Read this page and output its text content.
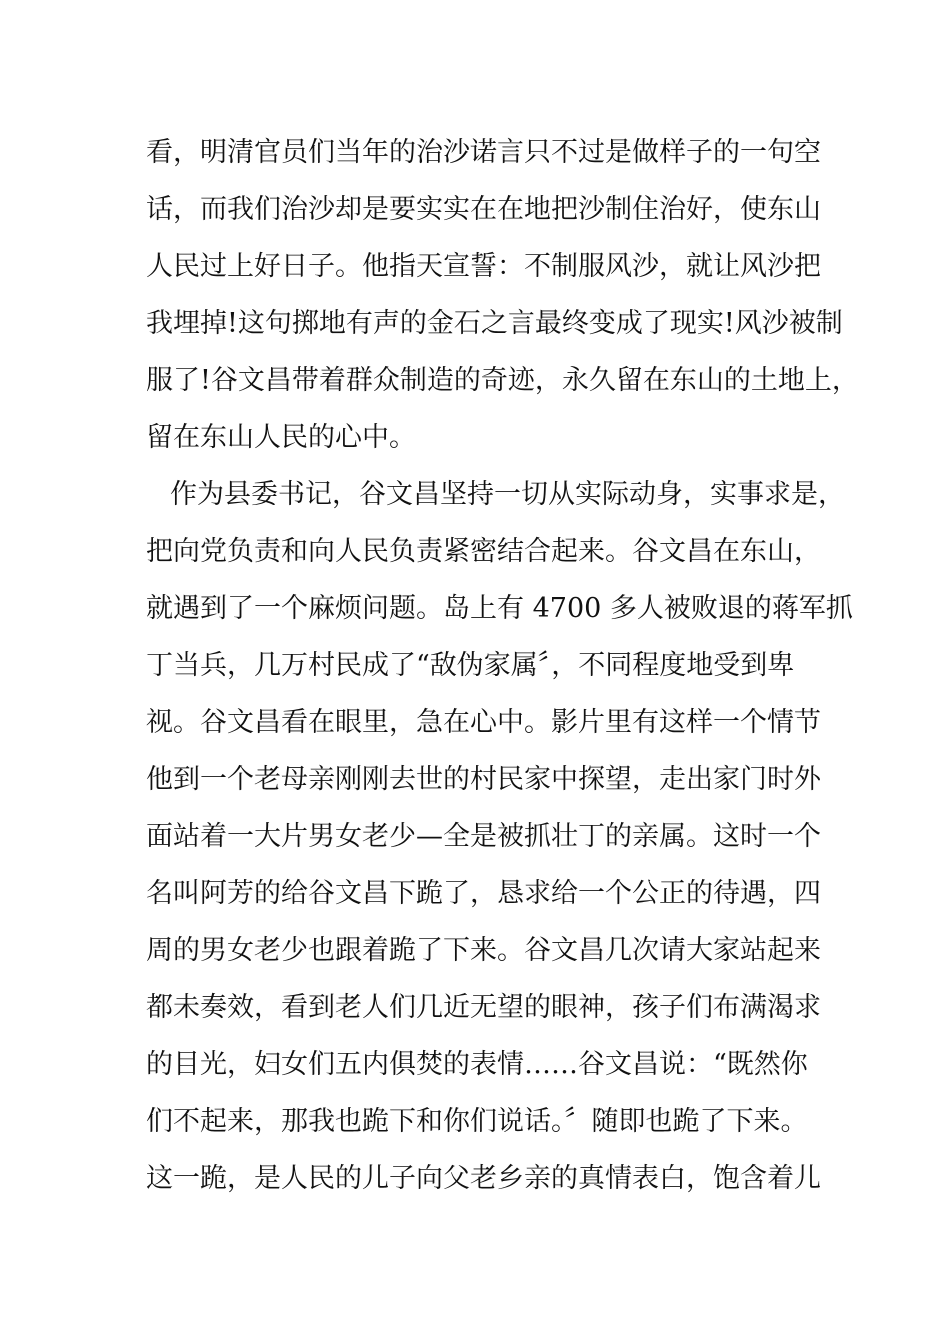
看，明清官员们当年的治沙诺言只不过是做样子的一句空
话，而我们治沙却是要实实在在地把沙制住治好，使东山
人民过上好日子。他指天宣誓：不制服风沙，就让风沙把
我埋掉!这句掷地有声的金石之言最终变成了现实!风沙被制
服了!谷文昌带着群众制造的奇迹，永久留在东山的土地上，
留在东山人民的心中。
作为县委书记，谷文昌坚持一切从实际动身，实事求是，
把向党负责和向人民负责紧密结合起来。谷文昌在东山，
就遇到了一个麻烦问题。岛上有 4700 多人被败退的蒋军抓
丁当兵，几万村民成了“敌伪家属〞，不同程度地受到卑
视。谷文昌看在眼里，急在心中。影片里有这样一个情节
他到一个老母亲刚刚去世的村民家中探望，走出家门时外
面站着一大片男女老少—全是被抓壮丁的亲属。这时一个
名叫阿芳的给谷文昌下跪了，恳求给一个公正的待遇，四
周的男女老少也跟着跪了下来。谷文昌几次请大家站起来
都未奏效，看到老人们几近无望的眼神，孩子们布满渴求
的目光，妇女们五内俱焚的表情……谷文昌说：“既然你
们不起来，那我也跪下和你们说话。〞随即也跪了下来。
这一跪，是人民的儿子向父老乡亲的真情表白，饱含着儿
